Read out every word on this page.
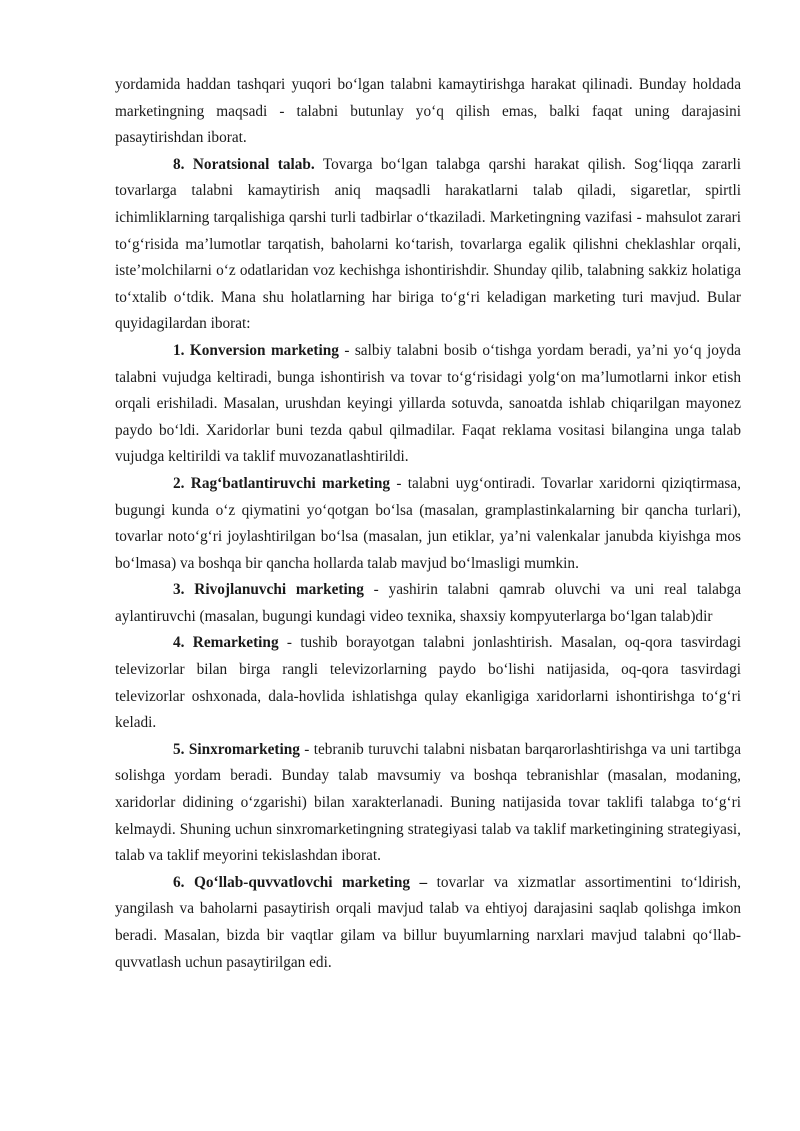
yordamida haddan tashqari yuqori bo‘lgan talabni kamaytirishga harakat qilinadi. Bunday holdada marketingning maqsadi - talabni butunlay yo‘q qilish emas, balki faqat uning darajasini pasaytirishdan iborat.

8. Noratsional talab. Tovarga bo‘lgan talabga qarshi harakat qilish. Sog‘liqqa zararli tovarlarga talabni kamaytirish aniq maqsadli harakatlarni talab qiladi, sigaretlar, spirtli ichimliklarning tarqalishiga qarshi turli tadbirlar o‘tkaziladi. Marketingning vazifasi - mahsulot zarari to‘g‘risida ma’lumotlar tarqatish, baholarni ko‘tarish, tovarlarga egalik qilishni cheklashlar orqali, iste’molchilarni o‘z odatlaridan voz kechishga ishontirishdir. Shunday qilib, talabning sakkiz holatiga to‘xtalib o‘tdik. Mana shu holatlarning har biriga to‘g‘ri keladigan marketing turi mavjud. Bular quyidagilardan iborat:

1. Konversion marketing - salbiy talabni bosib o‘tishga yordam beradi, ya’ni yo‘q joyda talabni vujudga keltiradi, bunga ishontirish va tovar to‘g‘risidagi yolg‘on ma’lumotlarni inkor etish orqali erishiladi. Masalan, urushdan keyingi yillarda sotuvda, sanoatda ishlab chiqarilgan mayonez paydo bo‘ldi. Xaridorlar buni tezda qabul qilmadilar. Faqat reklama vositasi bilangina unga talab vujudga keltirildi va taklif muvozanatlashtirildi.

2. Rag‘batlantiruvchi marketing - talabni uyg‘ontiradi. Tovarlar xaridorni qiziqtirmasa, bugungi kunda o‘z qiymatini yo‘qotgan bo‘lsa (masalan, gramplastinkalarning bir qancha turlari), tovarlar noto‘g‘ri joylashtirilgan bo‘lsa (masalan, jun etiklar, ya’ni valenkalar janubda kiyishga mos bo‘lmasa) va boshqa bir qancha hollarda talab mavjud bo‘lmasligi mumkin.

3. Rivojlanuvchi marketing - yashirin talabni qamrab oluvchi va uni real talabga aylantiruvchi (masalan, bugungi kundagi video texnika, shaxsiy kompyuterlarga bo‘lgan talab)dir

4. Remarketing - tushib borayotgan talabni jonlashtirish. Masalan, oq-qora tasvirdagi televizorlar bilan birga rangli televizorlarning paydo bo‘lishi natijasida, oq-qora tasvirdagi televizorlar oshxonada, dala-hovlida ishlatishga qulay ekanligiga xaridorlarni ishontirishga to‘g‘ri keladi.

5. Sinxromarketing - tebranib turuvchi talabni nisbatan barqarorlashtirishga va uni tartibga solishga yordam beradi. Bunday talab mavsumiy va boshqa tebranishlar (masalan, modaning, xaridorlar didining o‘zgarishi) bilan xarakterlanadi. Buning natijasida tovar taklifi talabga to‘g‘ri kelmaydi. Shuning uchun sinxromarketingning strategiyasi talab va taklif marketingining strategiyasi, talab va taklif meyorini tekislashdan iborat.

6. Qo‘llab-quvvatlovchi marketing – tovarlar va xizmatlar assortimentini to‘ldirish, yangilash va baholarni pasaytirish orqali mavjud talab va ehtiyoj darajasini saqlab qolishga imkon beradi. Masalan, bizda bir vaqtlar gilam va billur buyumlarning narxlari mavjud talabni qo‘llab-quvvatlash uchun pasaytirilgan edi.
